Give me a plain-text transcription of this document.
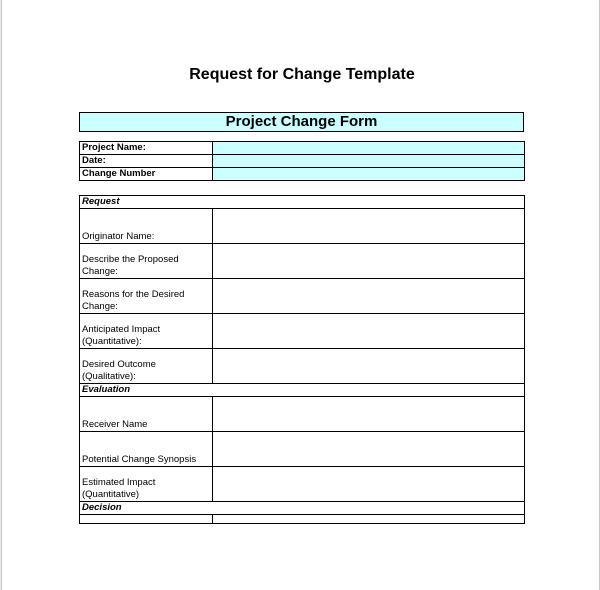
Request for Change Template
Project Change Form
Project Name:	
Date:	
Change Number	
Request	
Originator Name:	
Describe the Proposed Change:	
Reasons for the Desired Change:	
Anticipated Impact (Quantitative):	
Desired Outcome (Qualitative):	
Evaluation	
Receiver Name	
Potential Change Synopsis	
Estimated Impact (Quantitative)	
Decision	
